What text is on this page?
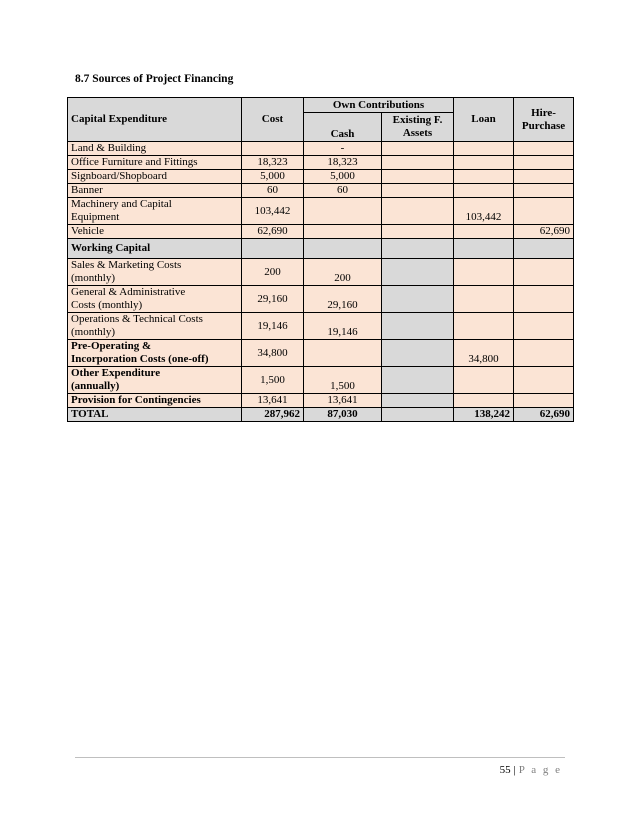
8.7 Sources of Project Financing

Capital Expenditure	Cost	Own Contributions		Loan	Hire-
Purchase
		Cash	Existing F.
Assets		
Land & Building		-			
Office Furniture and Fittings	18,323	18,323			
Signboard/Shopboard	5,000	5,000			
Banner	60	60			
Machinery and Capital
Equipment	103,442			103,442	
Vehicle	62,690				62,690
Working Capital					
Sales & Marketing Costs
(monthly)	200	200			
General & Administrative
Costs (monthly)	29,160	29,160			
Operations & Technical Costs
(monthly)	19,146	19,146			
Pre-Operating &
Incorporation Costs (one-off)	34,800			34,800	
Other Expenditure
(annually)	1,500	1,500			
Provision for Contingencies	13,641	13,641			
TOTAL	287,962	87,030		138,242	62,690
55 | P a g e
